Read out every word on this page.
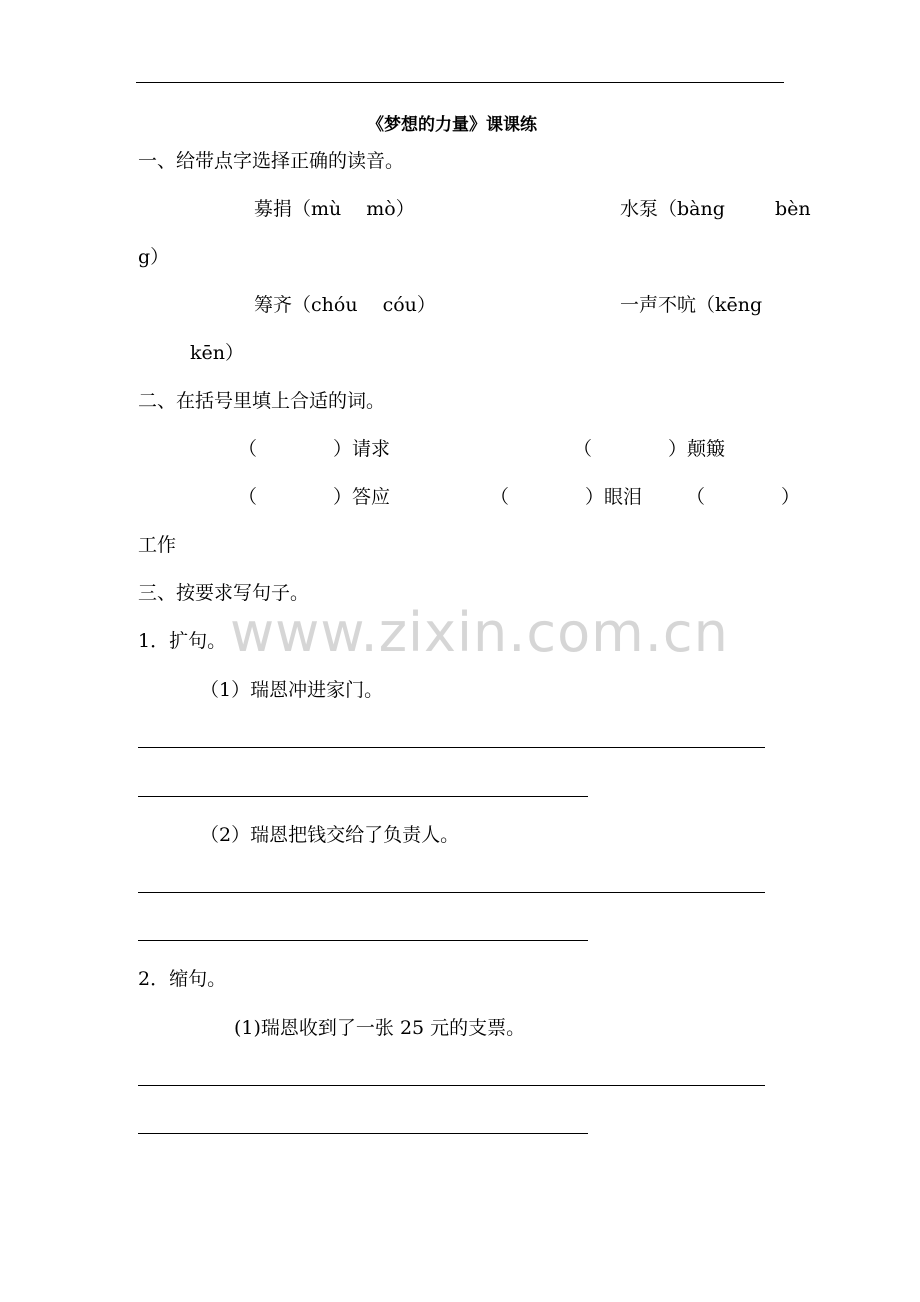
《梦想的力量》课课练
一、给带点字选择正确的读音。
募捐（mù　 mò）	水泵（bàng	bèn
g）
筹齐（chóu　 cóu）	一声不吭（kēng
kēn）
二、在括号里填上合适的词。
（　　　　）请求	（　　　　）颠簸
（　　　　）答应	（　　　　）眼泪 （　　　　）
工作
三、按要求写句子。
1．扩句。
（1）瑞恩冲进家门。
（2）瑞恩把钱交给了负责人。
2．缩句。
(1)瑞恩收到了一张 25 元的支票。
www.zixin.com.cn
